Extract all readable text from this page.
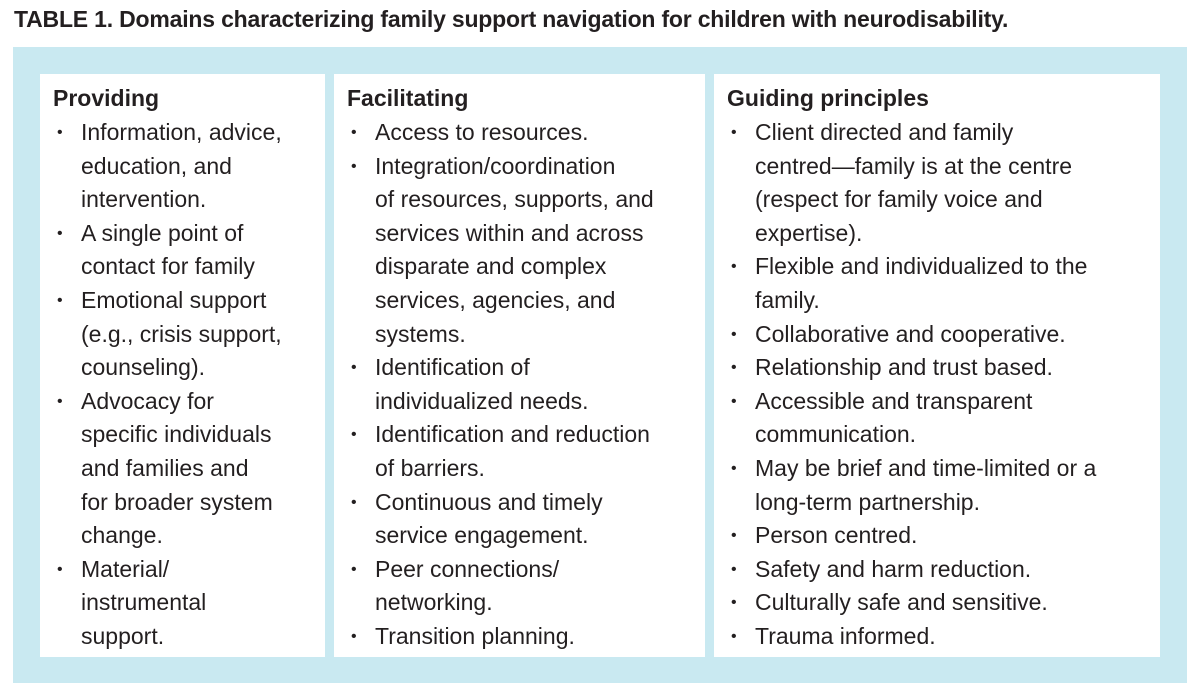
TABLE 1. Domains characterizing family support navigation for children with neurodisability.
Providing
• Information, advice,
education, and
intervention.
• A single point of
contact for family
• Emotional support
(e.g., crisis support,
counseling).
• Advocacy for
specific individuals
and families and
for broader system
change.
• Material/
instrumental
support.
Facilitating
• Access to resources.
• Integration/coordination
of resources, supports, and
services within and across
disparate and complex
services, agencies, and
systems.
• Identification of
individualized needs.
• Identification and reduction
of barriers.
• Continuous and timely
service engagement.
• Peer connections/
networking.
• Transition planning.
Guiding principles
• Client directed and family
centred—family is at the centre
(respect for family voice and
expertise).
• Flexible and individualized to the
family.
• Collaborative and cooperative.
• Relationship and trust based.
• Accessible and transparent
communication.
• May be brief and time-limited or a
long-term partnership.
• Person centred.
• Safety and harm reduction.
• Culturally safe and sensitive.
• Trauma informed.
